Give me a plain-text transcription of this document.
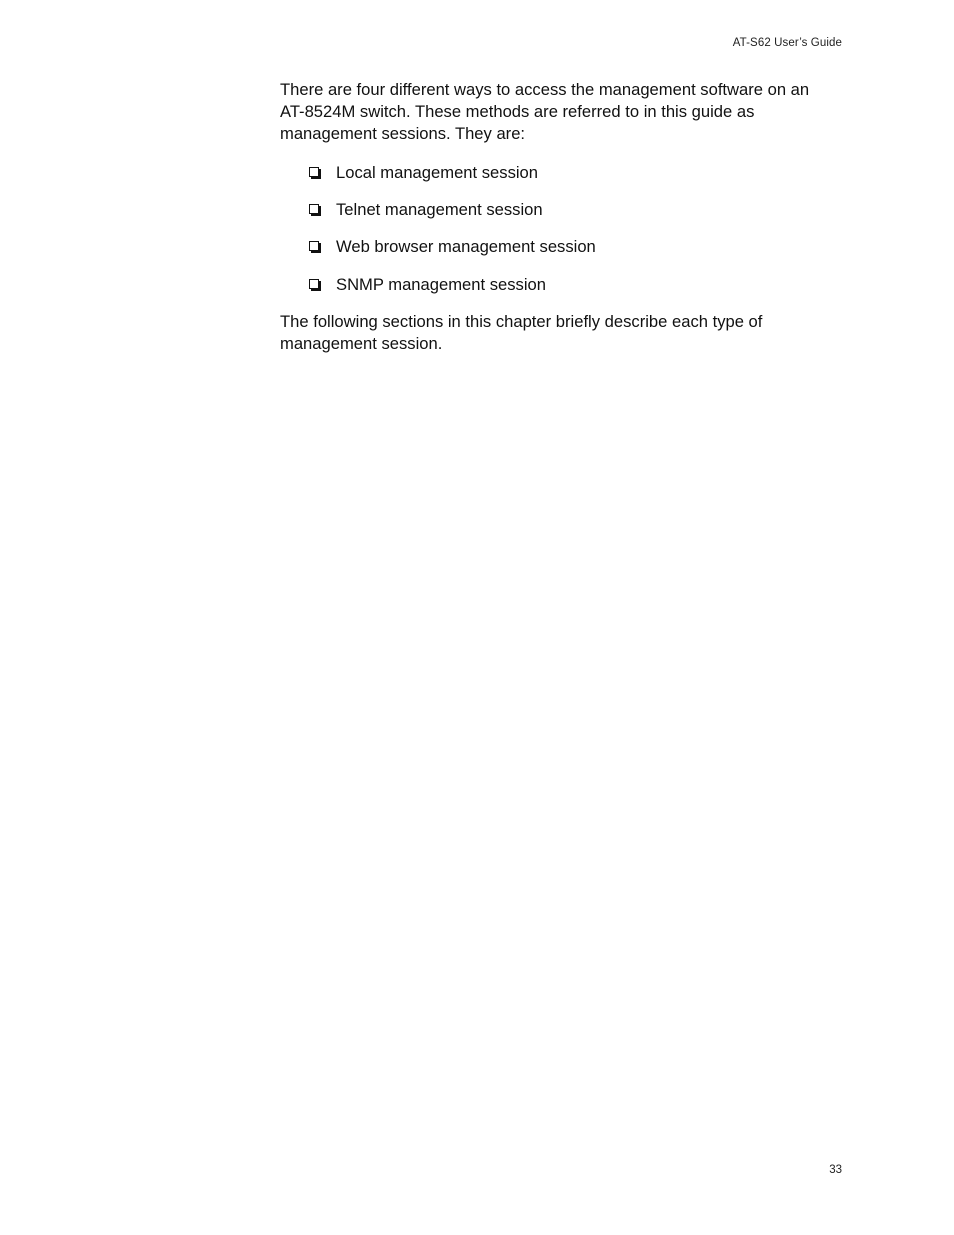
AT-S62 User’s Guide

There are four different ways to access the management software on an
AT-8524M switch. These methods are referred to in this guide as
management sessions. They are:

Local management session
Telnet management session
Web browser management session
SNMP management session

The following sections in this chapter briefly describe each type of
management session.

33
